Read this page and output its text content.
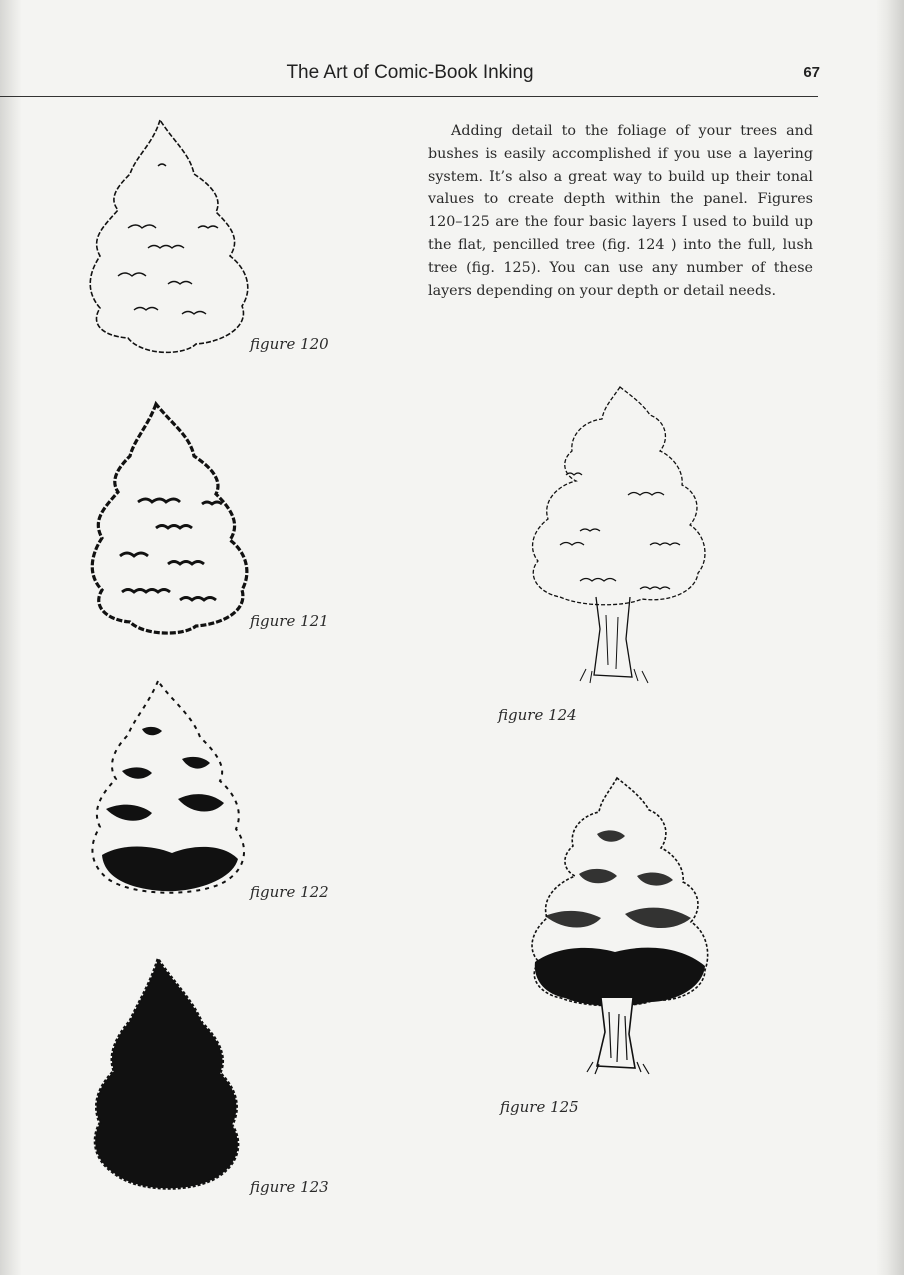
The Art of Comic-Book Inking	67

Adding detail to the foliage of your trees and bushes is easily accomplished if you use a layering system. It’s also a great way to build up their tonal values to create depth within the panel. Figures 120–125 are the four basic layers I used to build up the flat, pencilled tree (fig. 124 ) into the full, lush tree (fig. 125). You can use any number of these layers depending on your depth or detail needs.

figure 120
figure 121
figure 122
figure 123
figure 124
figure 125
